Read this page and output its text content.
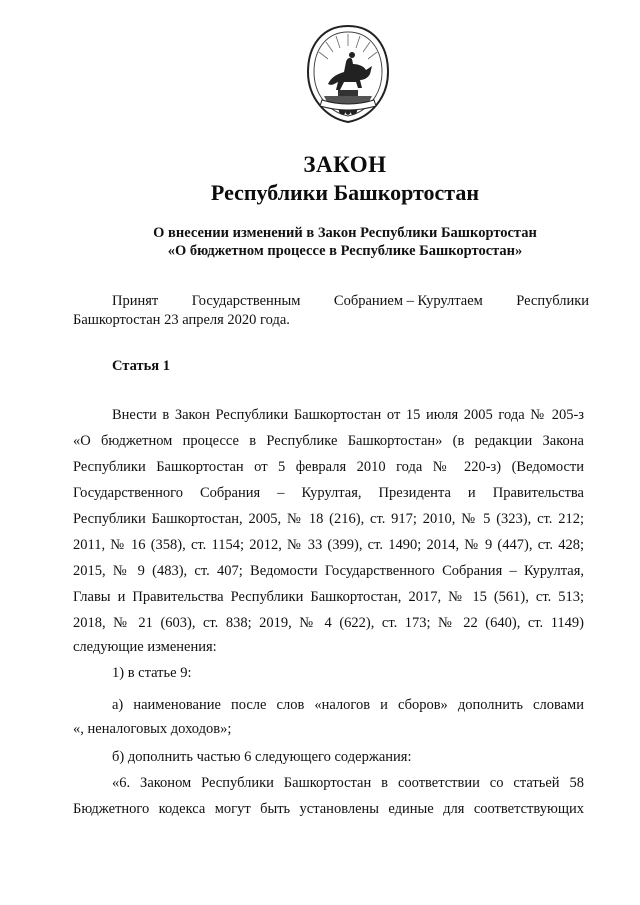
ЗАКОН
Республики Башкортостан
О внесении изменений в Закон Республики Башкортостан
«О бюджетном процессе в Республике Башкортостан»
Принят Государственным Собранием – Курултаем Республики
Башкортостан 23 апреля 2020 года.
Статья 1
Внести в Закон Республики Башкортостан от 15 июля 2005 года № 205-з
«О бюджетном процессе в Республике Башкортостан» (в редакции Закона
Республики Башкортостан от 5 февраля 2010 года № 220-з) (Ведомости
Государственного Собрания – Курултая, Президента и Правительства
Республики Башкортостан, 2005, № 18 (216), ст. 917; 2010, № 5 (323), ст. 212;
2011, № 16 (358), ст. 1154; 2012, № 33 (399), ст. 1490; 2014, № 9 (447), ст. 428;
2015, № 9 (483), ст. 407; Ведомости Государственного Собрания – Курултая,
Главы и Правительства Республики Башкортостан, 2017, № 15 (561), ст. 513;
2018, № 21 (603), ст. 838; 2019, № 4 (622), ст. 173; № 22 (640), ст. 1149)
следующие изменения:
1) в статье 9:
а) наименование после слов «налогов и сборов» дополнить словами
«, неналоговых доходов»;
б) дополнить частью 6 следующего содержания:
«6. Законом Республики Башкортостан в соответствии со статьей 58
Бюджетного кодекса могут быть установлены единые для соответствующих
